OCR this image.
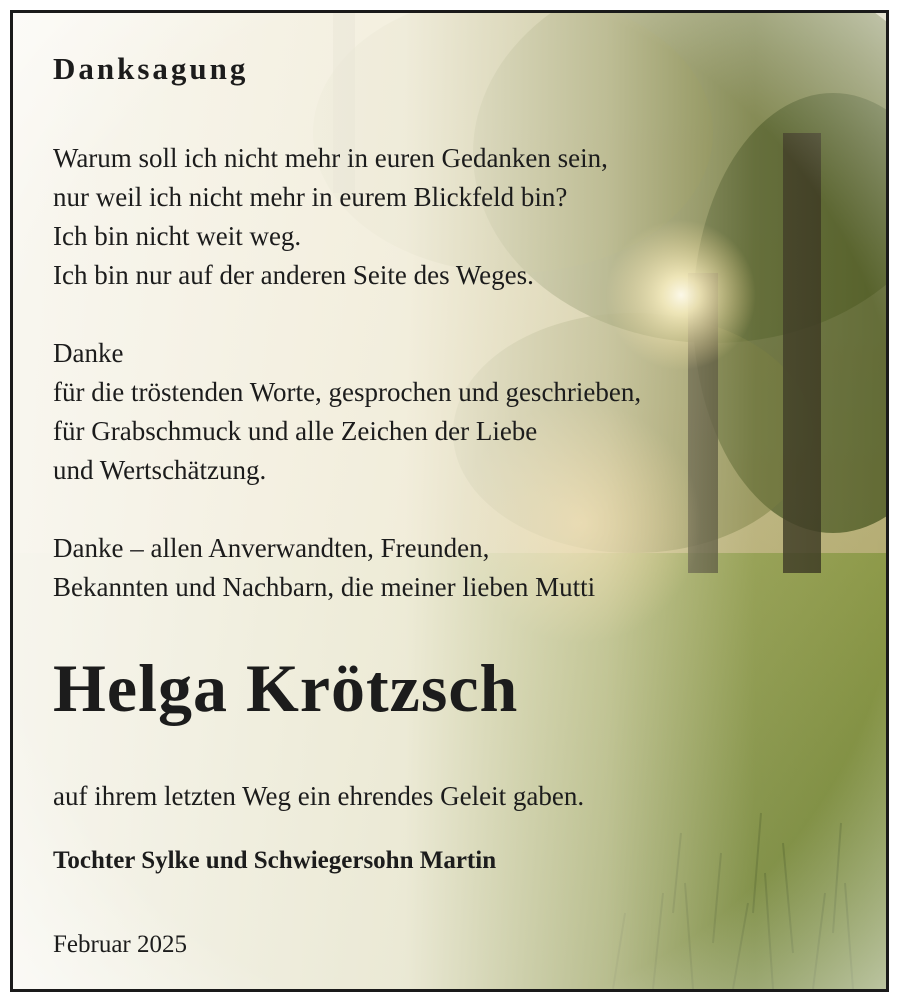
Danksagung

Warum soll ich nicht mehr in euren Gedanken sein,
nur weil ich nicht mehr in eurem Blickfeld bin?
Ich bin nicht weit weg.
Ich bin nur auf der anderen Seite des Weges.

Danke
für die tröstenden Worte, gesprochen und geschrieben,
für Grabschmuck und alle Zeichen der Liebe
und Wertschätzung.

Danke – allen Anverwandten, Freunden,
Bekannten und Nachbarn, die meiner lieben Mutti

Helga Krötzsch

auf ihrem letzten Weg ein ehrendes Geleit gaben.

Tochter Sylke und Schwiegersohn Martin

Februar 2025
